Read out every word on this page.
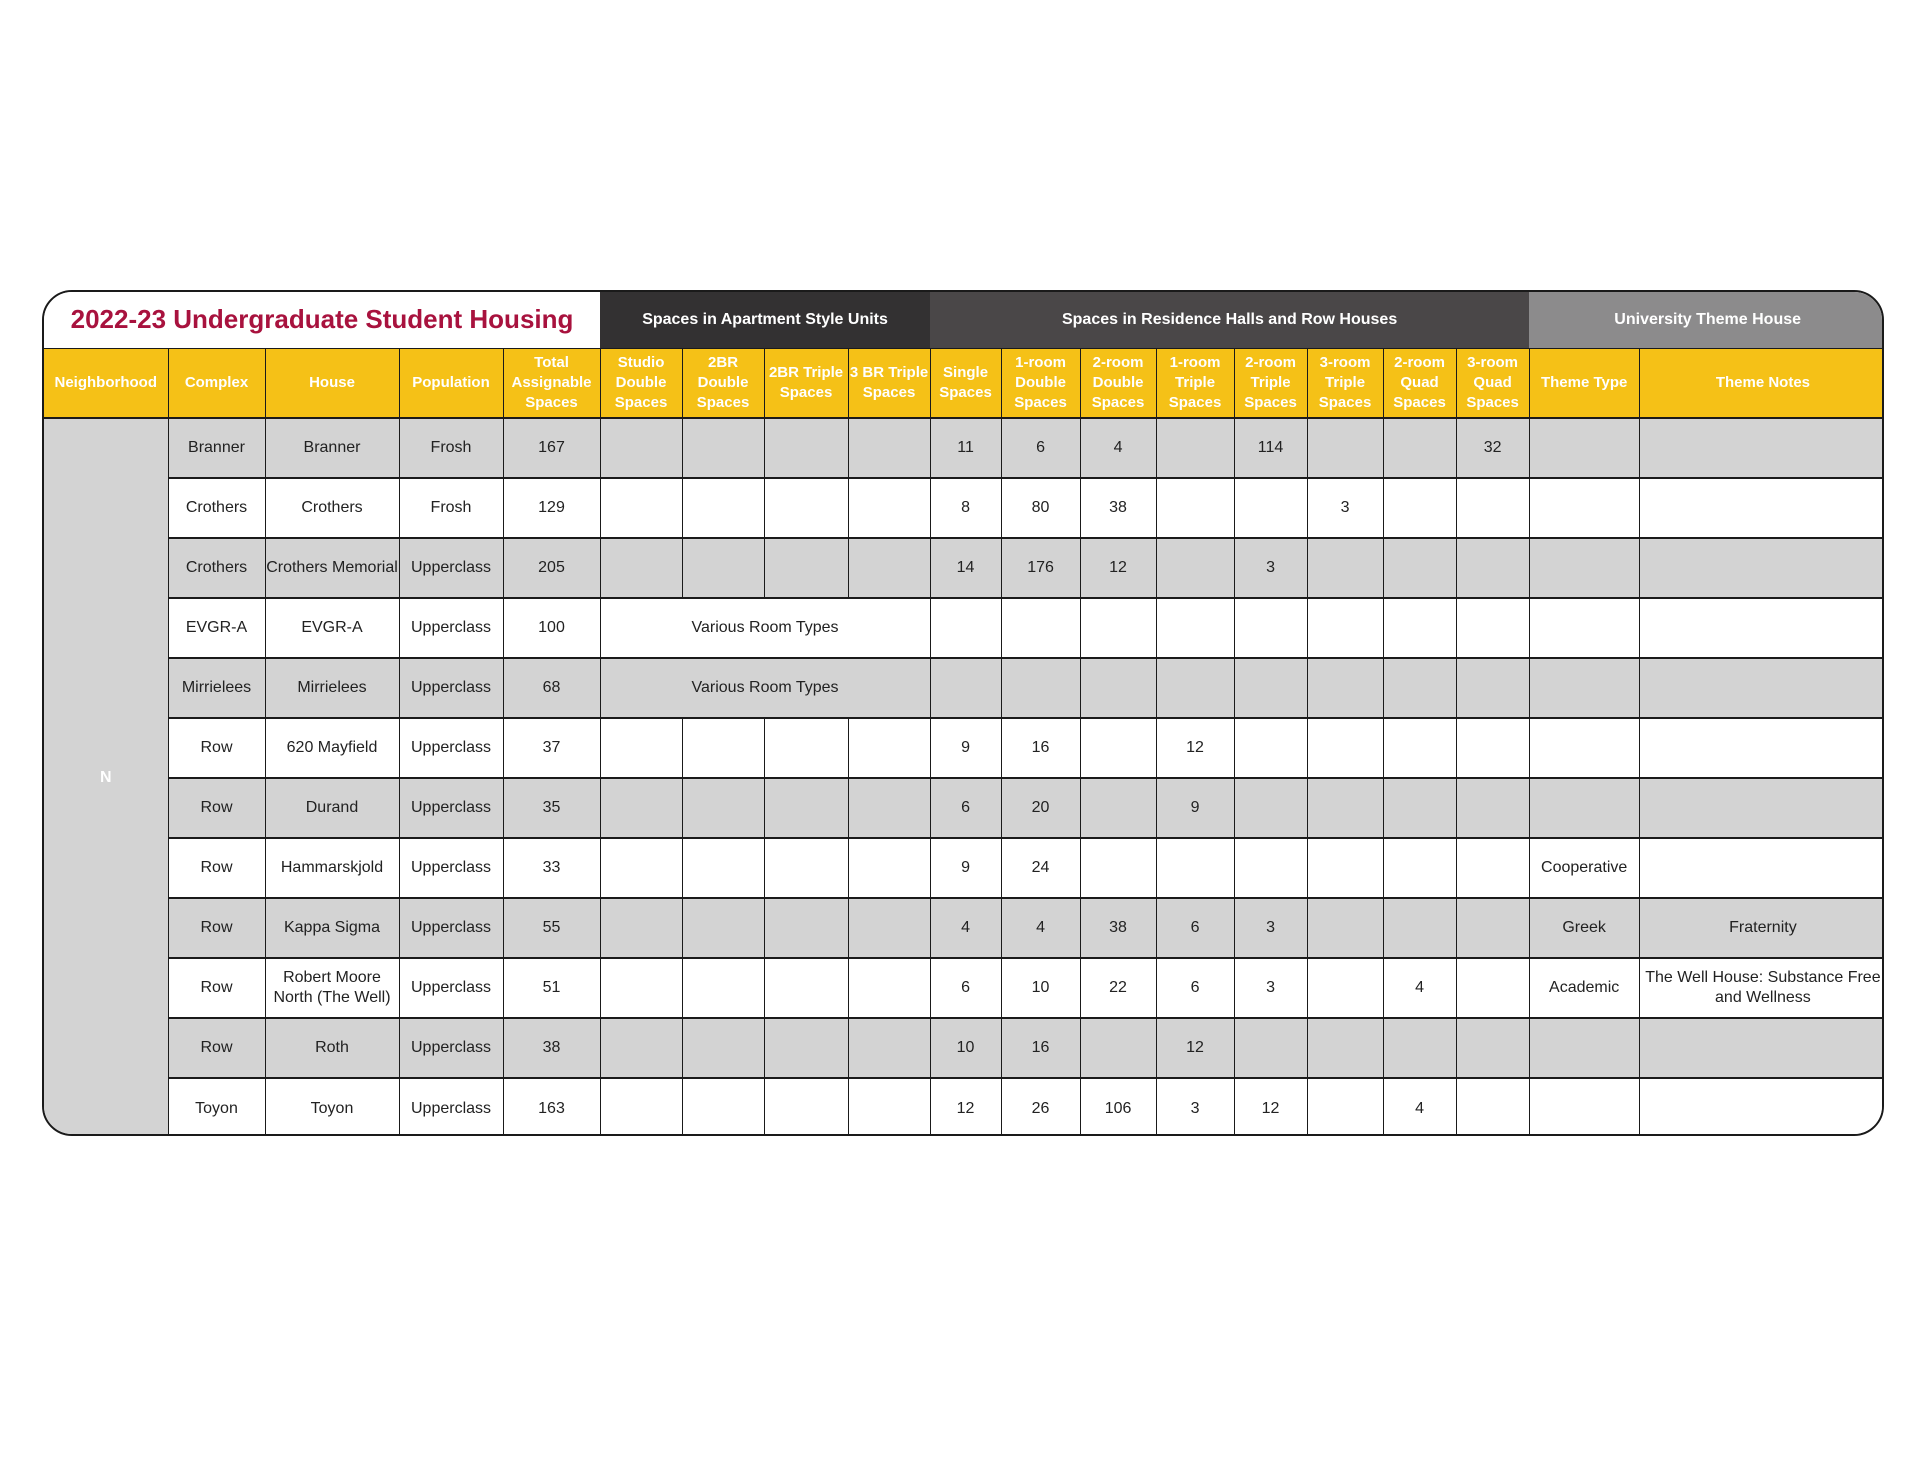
2022-23 Undergraduate Student Housing					Spaces in Apartment Style Units				Spaces in Residence Halls and Row Houses								University Theme House	
Neighborhood	Complex	House	Population	Total Assignable Spaces	Studio Double Spaces	2BR Double Spaces	2BR Triple Spaces	3 BR Triple Spaces	Single Spaces	1-room Double Spaces	2-room Double Spaces	1-room Triple Spaces	2-room Triple Spaces	3-room Triple Spaces	2-room Quad Spaces	3-room Quad Spaces	Theme Type	Theme Notes
N	Branner	Branner	Frosh	167					11	6	4		114			32		
	Crothers	Crothers	Frosh	129					8	80	38			3				
	Crothers	Crothers Memorial	Upperclass	205					14	176	12		3					
	EVGR-A	EVGR-A	Upperclass	100	Various Room Types													
	Mirrielees	Mirrielees	Upperclass	68	Various Room Types													
	Row	620 Mayfield	Upperclass	37					9	16		12						
	Row	Durand	Upperclass	35					6	20		9						
	Row	Hammarskjold	Upperclass	33					9	24							Cooperative	
	Row	Kappa Sigma	Upperclass	55					4	4	38	6	3				Greek	Fraternity
	Row	Robert Moore North (The Well)	Upperclass	51					6	10	22	6	3		4		Academic	The Well House: Substance Free and Wellness
	Row	Roth	Upperclass	38					10	16		12						
	Toyon	Toyon	Upperclass	163					12	26	106	3	12		4			
